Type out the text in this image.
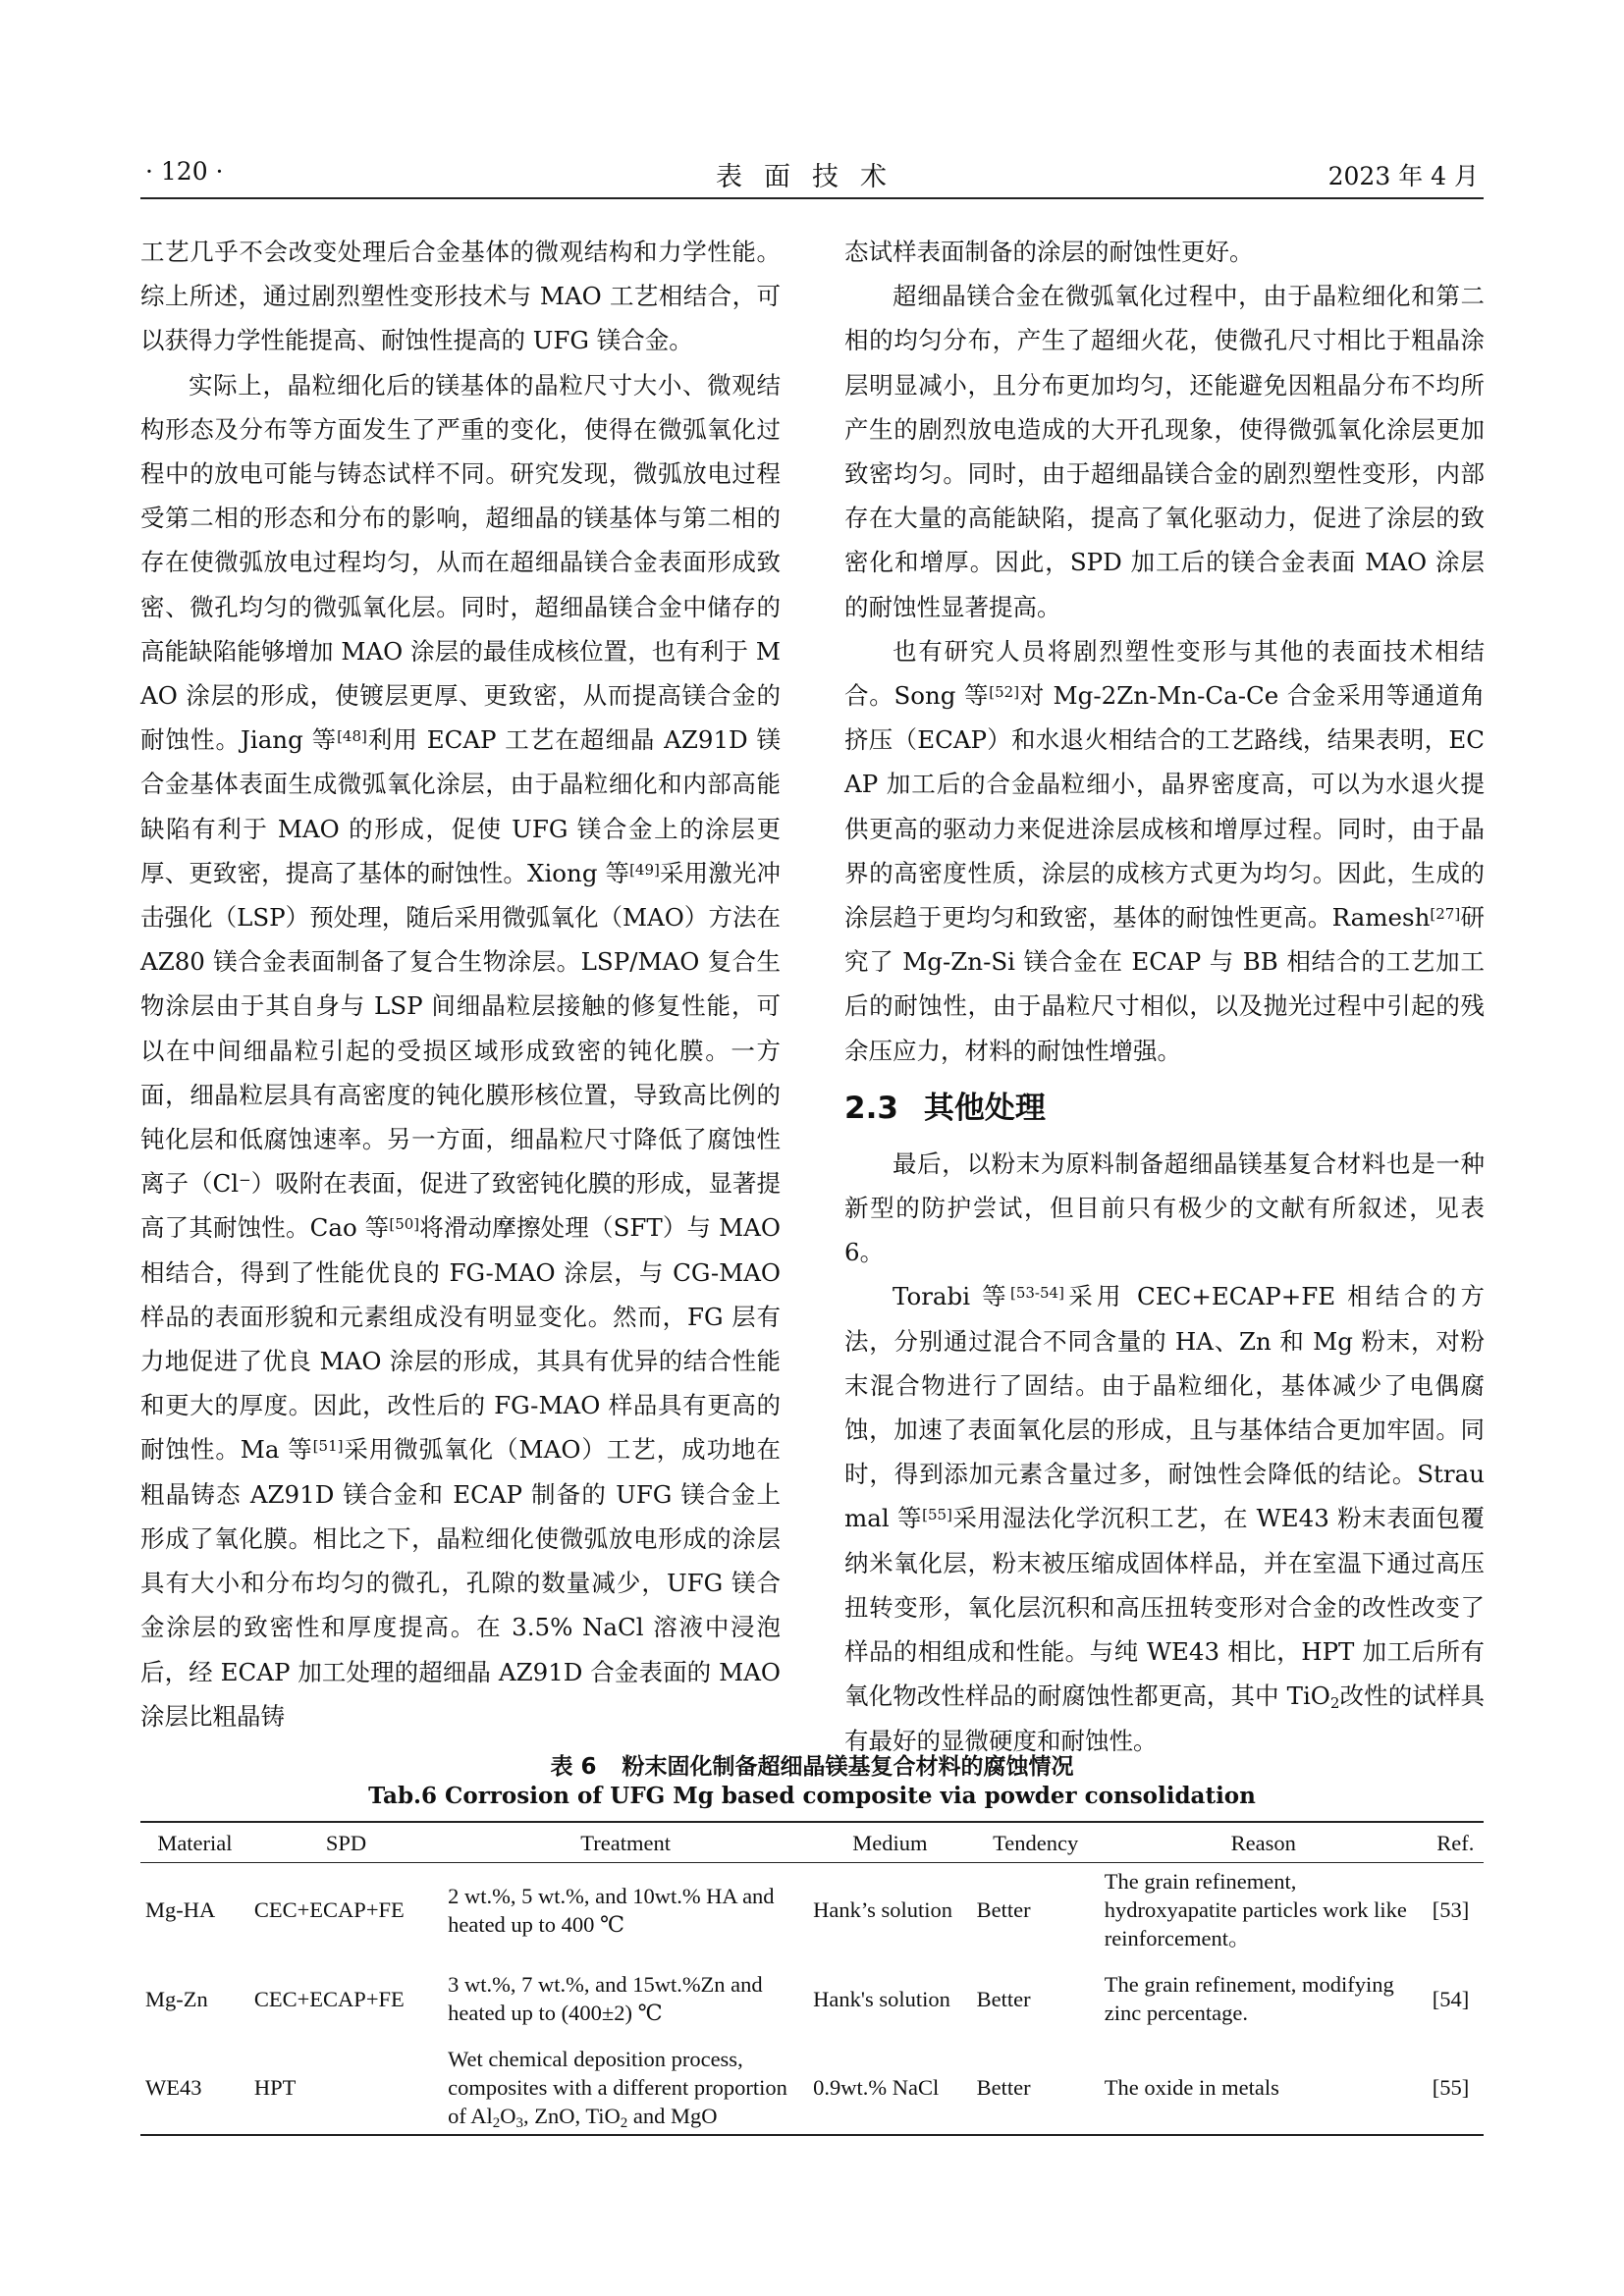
· 120 ·	表面技术	2023 年 4 月

工艺几乎不会改变处理后合金基体的微观结构和力学性能。综上所述，通过剧烈塑性变形技术与 MAO 工艺相结合，可以获得力学性能提高、耐蚀性提高的 UFG 镁合金。

实际上，晶粒细化后的镁基体的晶粒尺寸大小、微观结构形态及分布等方面发生了严重的变化，使得在微弧氧化过程中的放电可能与铸态试样不同。研究发现，微弧放电过程受第二相的形态和分布的影响，超细晶的镁基体与第二相的存在使微弧放电过程均匀，从而在超细晶镁合金表面形成致密、微孔均匀的微弧氧化层。同时，超细晶镁合金中储存的高能缺陷能够增加 MAO 涂层的最佳成核位置，也有利于 MAO 涂层的形成，使镀层更厚、更致密，从而提高镁合金的耐蚀性。Jiang 等[48]利用 ECAP 工艺在超细晶 AZ91D 镁合金基体表面生成微弧氧化涂层，由于晶粒细化和内部高能缺陷有利于 MAO 的形成，促使 UFG 镁合金上的涂层更厚、更致密，提高了基体的耐蚀性。Xiong 等[49]采用激光冲击强化（LSP）预处理，随后采用微弧氧化（MAO）方法在 AZ80 镁合金表面制备了复合生物涂层。LSP/MAO 复合生物涂层由于其自身与 LSP 间细晶粒层接触的修复性能，可以在中间细晶粒引起的受损区域形成致密的钝化膜。一方面，细晶粒层具有高密度的钝化膜形核位置，导致高比例的钝化层和低腐蚀速率。另一方面，细晶粒尺寸降低了腐蚀性离子（Cl−）吸附在表面，促进了致密钝化膜的形成，显著提高了其耐蚀性。Cao 等[50]将滑动摩擦处理（SFT）与 MAO 相结合，得到了性能优良的 FG-MAO 涂层，与 CG-MAO 样品的表面形貌和元素组成没有明显变化。然而，FG 层有力地促进了优良 MAO 涂层的形成，其具有优异的结合性能和更大的厚度。因此，改性后的 FG-MAO 样品具有更高的耐蚀性。Ma 等[51]采用微弧氧化（MAO）工艺，成功地在粗晶铸态 AZ91D 镁合金和 ECAP 制备的 UFG 镁合金上形成了氧化膜。相比之下，晶粒细化使微弧放电形成的涂层具有大小和分布均匀的微孔，孔隙的数量减少，UFG 镁合金涂层的致密性和厚度提高。在 3.5% NaCl 溶液中浸泡后，经 ECAP 加工处理的超细晶 AZ91D 合金表面的 MAO 涂层比粗晶铸

态试样表面制备的涂层的耐蚀性更好。

超细晶镁合金在微弧氧化过程中，由于晶粒细化和第二相的均匀分布，产生了超细火花，使微孔尺寸相比于粗晶涂层明显减小，且分布更加均匀，还能避免因粗晶分布不均所产生的剧烈放电造成的大开孔现象，使得微弧氧化涂层更加致密均匀。同时，由于超细晶镁合金的剧烈塑性变形，内部存在大量的高能缺陷，提高了氧化驱动力，促进了涂层的致密化和增厚。因此，SPD 加工后的镁合金表面 MAO 涂层的耐蚀性显著提高。

也有研究人员将剧烈塑性变形与其他的表面技术相结合。Song 等[52]对 Mg-2Zn-Mn-Ca-Ce 合金采用等通道角挤压（ECAP）和水退火相结合的工艺路线，结果表明，ECAP 加工后的合金晶粒细小，晶界密度高，可以为水退火提供更高的驱动力来促进涂层成核和增厚过程。同时，由于晶界的高密度性质，涂层的成核方式更为均匀。因此，生成的涂层趋于更均匀和致密，基体的耐蚀性更高。Ramesh[27]研究了 Mg-Zn-Si 镁合金在 ECAP 与 BB 相结合的工艺加工后的耐蚀性，由于晶粒尺寸相似，以及抛光过程中引起的残余压应力，材料的耐蚀性增强。

2.3 其他处理

最后，以粉末为原料制备超细晶镁基复合材料也是一种新型的防护尝试，但目前只有极少的文献有所叙述，见表 6。

Torabi 等[53-54]采用 CEC+ECAP+FE 相结合的方法，分别通过混合不同含量的 HA、Zn 和 Mg 粉末，对粉末混合物进行了固结。由于晶粒细化，基体减少了电偶腐蚀，加速了表面氧化层的形成，且与基体结合更加牢固。同时，得到添加元素含量过多，耐蚀性会降低的结论。Straumal 等[55]采用湿法化学沉积工艺，在 WE43 粉末表面包覆纳米氧化层，粉末被压缩成固体样品，并在室温下通过高压扭转变形，氧化层沉积和高压扭转变形对合金的改性改变了样品的相组成和性能。与纯 WE43 相比，HPT 加工后所有氧化物改性样品的耐腐蚀性都更高，其中 TiO$_2$改性的试样具有最好的显微硬度和耐蚀性。

表 6 粉末固化制备超细晶镁基复合材料的腐蚀情况
Tab.6 Corrosion of UFG Mg based composite via powder consolidation
Material	SPD	Treatment	Medium	Tendency	Reason	Ref.
Mg-HA	CEC+ECAP+FE	2 wt.%, 5 wt.%, and 10wt.% HA and heated up to 400 ℃	Hank’s solution	Better	The grain refinement, hydroxyapatite particles work like reinforcement。	[53]
Mg-Zn	CEC+ECAP+FE	3 wt.%, 7 wt.%, and 15wt.%Zn and heated up to (400±2) ℃	Hank's solution	Better	The grain refinement, modifying zinc percentage.	[54]
WE43	HPT	Wet chemical deposition process, composites with a different proportion of $Al_2O_3$, ZnO, TiO$_2$ and MgO	0.9wt.% NaCl	Better	The oxide in metals	[55]
